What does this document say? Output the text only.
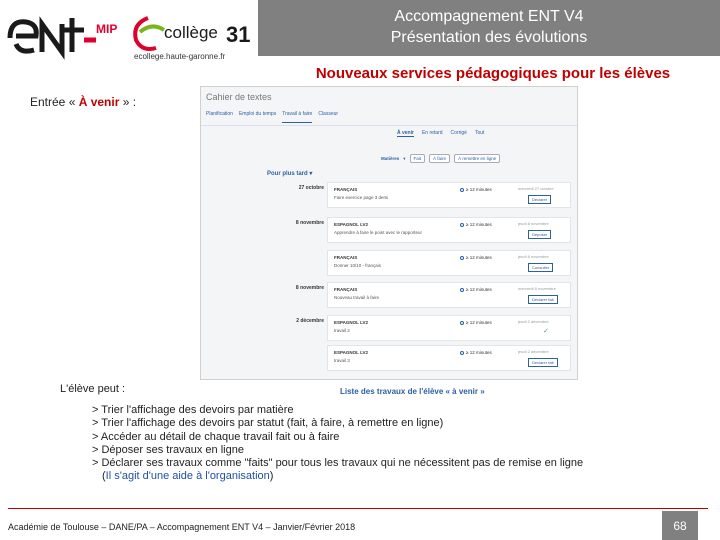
MIP	collège 31
ecollege.haute-garonne.fr
Accompagnement ENT V4
Présentation des évolutions
Nouveaux services pédagogiques pour les élèves
Entrée « À venir » :	Cahier de textes
Planification Emploi du temps Travail à faire Classeur
À venir En retard Corrigé Tout
Matières ▾	Fait	À faire	À remettre en ligne
Pour plus tard ▾
27 octobre FRANÇAIS
Faire exercice page 3 demi
mercredi 27 octobre
≥ 12 minutes
Déclarer
8 novembre ESPAGNOL LV2
Apprendre à faire le point avec le rapporteur
jeudi 8 novembre
≥ 12 minutes
Déposer
FRANÇAIS
Donner 10/10 - français
jeudi 8 novembre
≥ 12 minutes
Consulter
8 novembre FRANÇAIS
Nouveau travail à faire
mercredi 8 novembre
≥ 12 minutes
Déclarer fait
2 décembre ESPAGNOL LV2
travail 2
jeudi 2 décembre
≥ 12 minutes
✓
ESPAGNOL LV2
travail 3
jeudi 2 décembre
≥ 12 minutes
Déclarer fait
Liste des travaux de l'élève « à venir »
L'élève peut :
> Trier l'affichage des devoirs par matière
> Trier l'affichage des devoirs par statut (fait, à faire, à remettre en ligne)
> Accéder au détail de chaque travail fait ou à faire
> Déposer ses travaux en ligne
> Déclarer ses travaux comme "faits" pour tous les travaux qui ne nécessitent pas de remise en ligne
(Il s'agit d'une aide à l'organisation)
Académie de Toulouse – DANE/PA – Accompagnement ENT V4 – Janvier/Février 2018	68
